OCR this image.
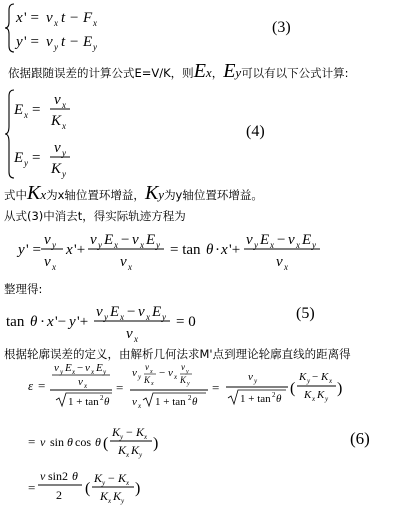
x ' = v x t − F x
y ' = v y t − E y
(3)
依据跟随误差的计算公式E=V/K，则Ex，Ey可以有以下公式计算:
E x =
v x
K x
E y =
v y
K y
(4)
式中Kx为x轴位置环增益，Ky为y轴位置环增益。
从式(3)中消去t，得实际轨迹方程为
y ' =
v y
v x
x '+
v y E x − v x E y
v x
= tan θ · x '+
v y E x − v x E y
v x
整理得:
tan θ · x '− y '+
v y E x − v x E y
v x
= 0	(5)
根据轮廓误差的定义，由解析几何法求M'点到理论轮廓直线的距离得
ε =
v y E x − v x E y
v x
1 + tan 2 θ
=
v y
v x
K x
− v x
v y
K y
v x 1 + tan 2 θ
=
v y
1 + tan 2 θ
(
K y − K x
K x K y
)
= v sin θ cos θ (
K y − K x
K x K y
)	(6)
=
v sin2 θ
2 (
K y − K x
K x K y
)
